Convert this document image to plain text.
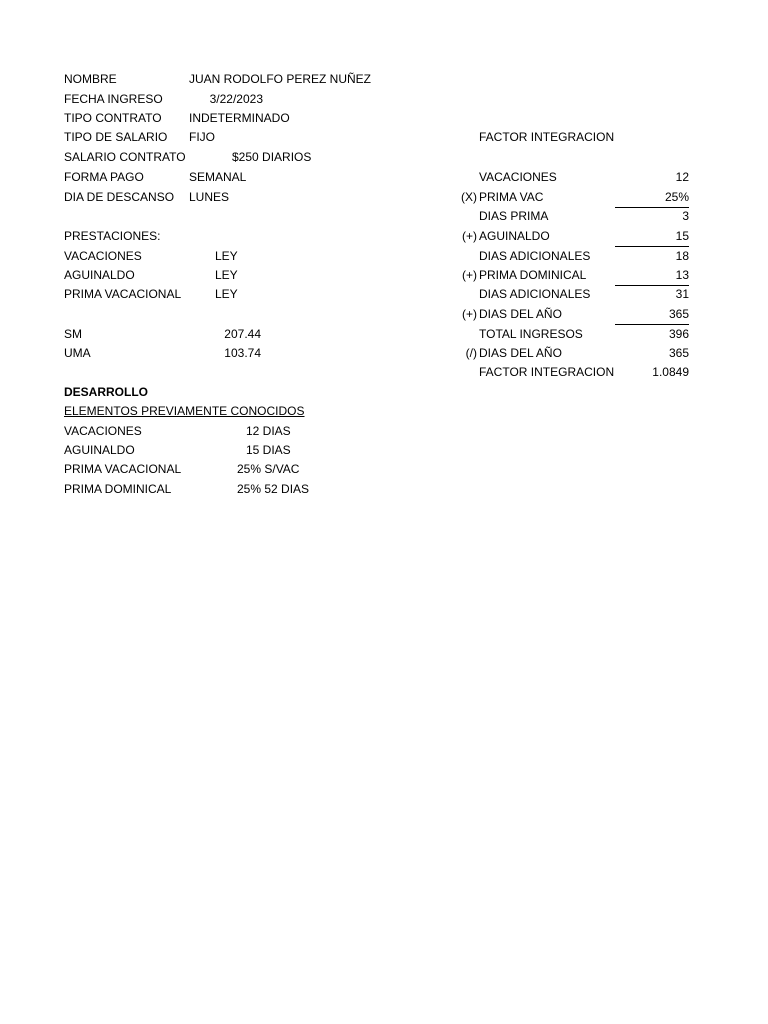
NOMBRE	JUAN RODOLFO PEREZ NUÑEZ
FECHA INGRESO	3/22/2023
TIPO CONTRATO INDETERMINADO
TIPO DE SALARIO FIJO
SALARIO CONTRATO	$250 DIARIOS
FORMA PAGO	SEMANAL
DIA DE DESCANSO LUNES
PRESTACIONES:
VACACIONES	LEY
AGUINALDO	LEY
PRIMA VACACIONAL	LEY
SM	207.44
UMA	103.74
DESARROLLO
ELEMENTOS PREVIAMENTE CONOCIDOS
VACACIONES	12 DIAS
AGUINALDO	15 DIAS
PRIMA VACACIONAL	25% S/VAC
PRIMA DOMINICAL	25% 52 DIAS
FACTOR INTEGRACION
VACACIONES	12
(X) PRIMA VAC	25%
DIAS PRIMA	3
(+) AGUINALDO	15
DIAS ADICIONALES	18
(+) PRIMA DOMINICAL	13
DIAS ADICIONALES	31
(+) DIAS DEL AÑO	365
TOTAL INGRESOS	396
(/) DIAS DEL AÑO	365
FACTOR INTEGRACION	1.0849
